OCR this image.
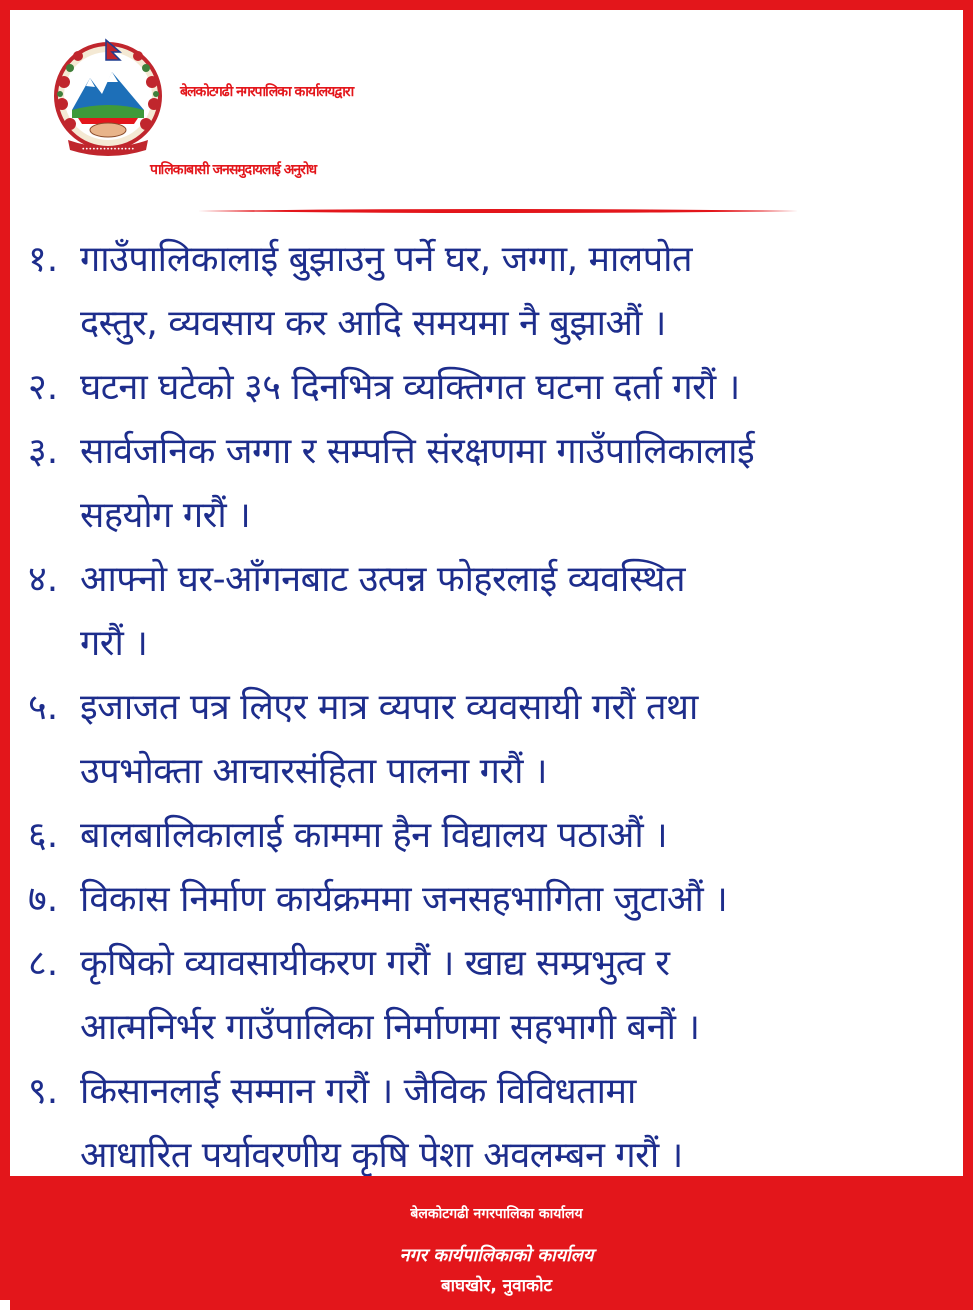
•••••••••••••••
बेलकोटगढी नगरपालिका कार्यालयद्वारा
पालिकाबासी जनसमुदायलाई अनुरोध
१. गाउँपालिकालाई बुझाउनु पर्ने घर, जग्गा, मालपोत
दस्तुर, व्यवसाय कर आदि समयमा नै बुझाऔं ।
२. घटना घटेको ३५ दिनभित्र व्यक्तिगत घटना दर्ता गरौं ।
३. सार्वजनिक जग्गा र सम्पत्ति संरक्षणमा गाउँपालिकालाई
सहयोग गरौं ।
४. आफ्नो घर-आँगनबाट उत्पन्न फोहरलाई व्यवस्थित
गरौं ।
५. इजाजत पत्र लिएर मात्र व्यपार व्यवसायी गरौं तथा
उपभोक्ता आचारसंहिता पालना गरौं ।
६. बालबालिकालाई काममा हैन विद्यालय पठाऔं ।
७. विकास निर्माण कार्यक्रममा जनसहभागिता जुटाऔं ।
८. कृषिको व्यावसायीकरण गरौं । खाद्य सम्प्रभुत्व र
आत्मनिर्भर गाउँपालिका निर्माणमा सहभागी बनौं ।
९. किसानलाई सम्मान गरौं । जैविक विविधतामा
आधारित पर्यावरणीय कृषि पेशा अवलम्बन गरौं ।
बेलकोटगढी नगरपालिका कार्यालय
नगर कार्यपालिकाको कार्यालय
बाघखोर, नुवाकोट
